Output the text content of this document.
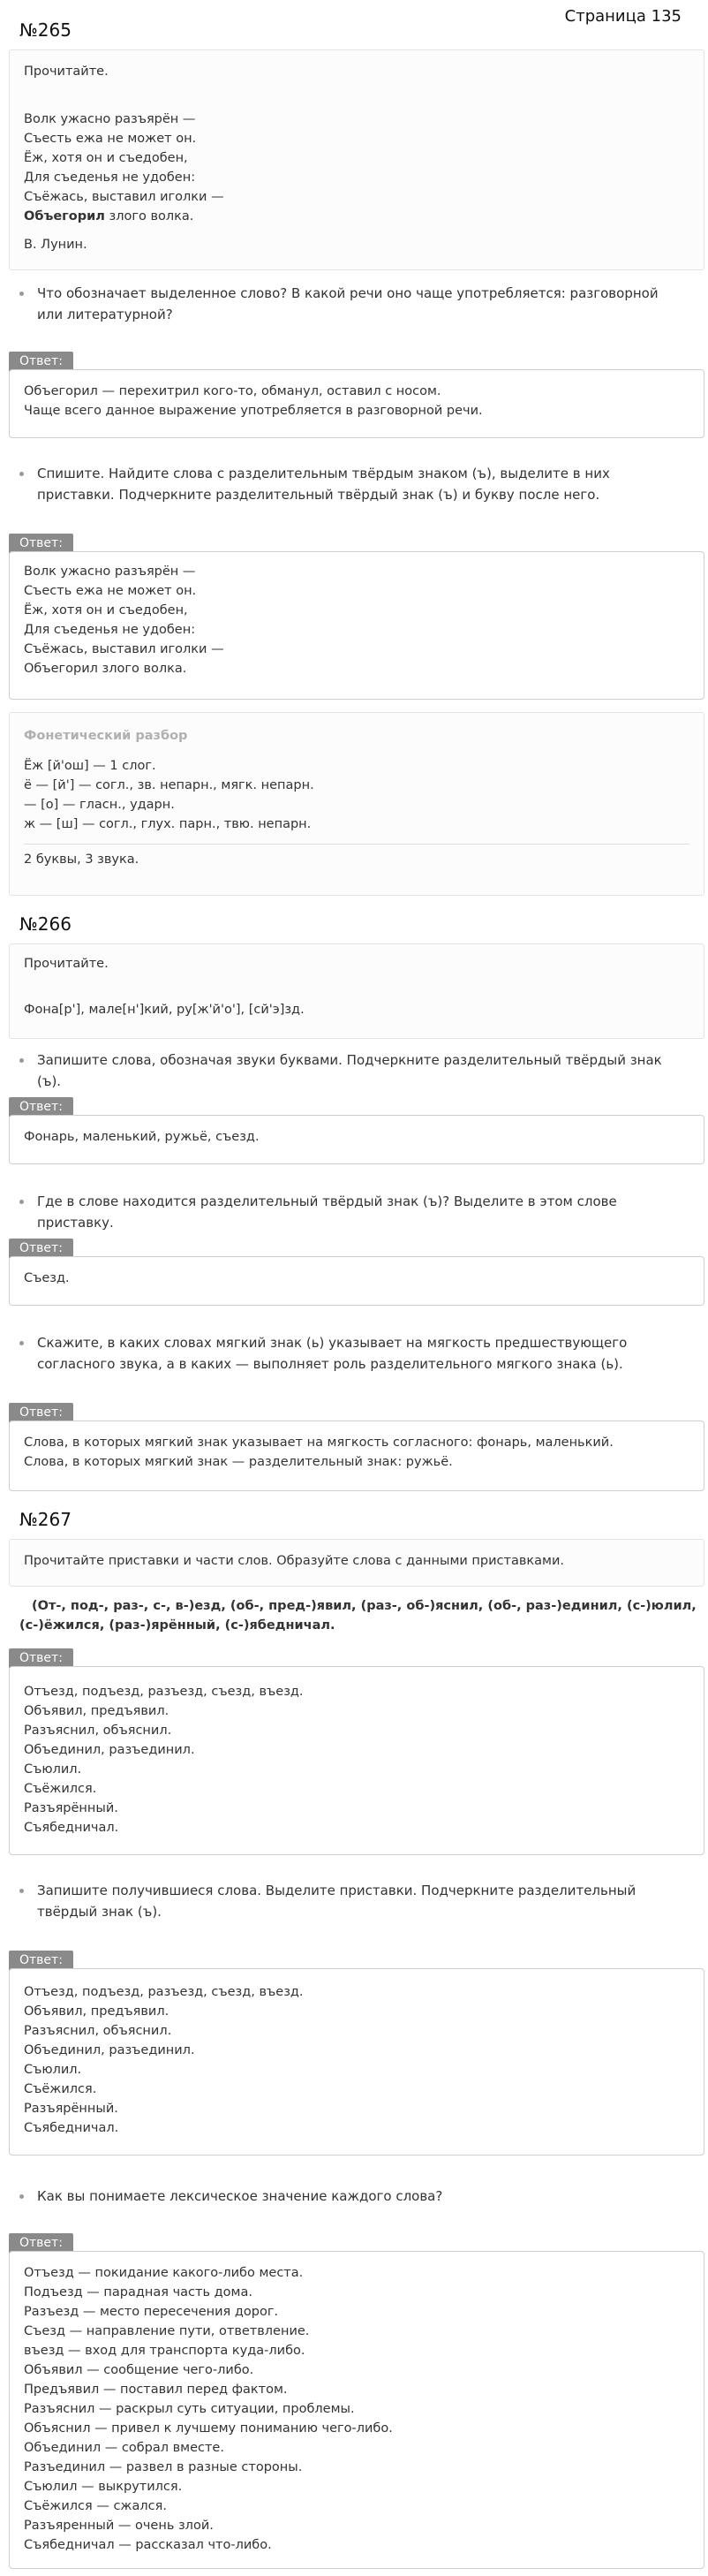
Страница 135
№265
Прочитайте.
Волк ужасно разъярён —
Съесть ежа не может он.
Ёж, хотя он и съедобен,
Для съеденья не удобен:
Съёжась, выставил иголки —
Объегорил злого волка.
В. Лунин.
Что обозначает выделенное слово? В какой речи оно чаще употребляется: разговорной или литературной?
Ответ:
Объегорил — перехитрил кого-то, обманул, оставил с носом.
Чаще всего данное выражение употребляется в разговорной речи.
Спишите. Найдите слова с разделительным твёрдым знаком (ъ), выделите в них приставки. Подчеркните разделительный твёрдый знак (ъ) и букву после него.
Ответ:
Волк ужасно разъярён —
Съесть ежа не может он.
Ёж, хотя он и съедобен,
Для съеденья не удобен:
Съёжась, выставил иголки —
Объегорил злого волка.
Фонетический разбор
Ёж [й'ош] — 1 слог.
ё — [й'] — согл., зв. непарн., мягк. непарн.
— [о] — гласн., ударн.
ж — [ш] — согл., глух. парн., твю. непарн.
2 буквы, 3 звука.
№266
Прочитайте.
Фона[р'], мале[н']кий, ру[ж'й'о'], [сй'э]зд.
Запишите слова, обозначая звуки буквами. Подчеркните разделительный твёрдый знак (ъ).
Ответ:
Фонарь, маленький, ружьё, съезд.
Где в слове находится разделительный твёрдый знак (ъ)? Выделите в этом слове приставку.
Ответ:
Съезд.
Скажите, в каких словах мягкий знак (ь) указывает на мягкость предшествующего согласного звука, а в каких — выполняет роль разделительного мягкого знака (ь).
Ответ:
Слова, в которых мягкий знак указывает на мягкость согласного: фонарь, маленький.
Слова, в которых мягкий знак — разделительный знак: ружьё.
№267
Прочитайте приставки и части слов. Образуйте слова с данными приставками.
(От-, под-, раз-, с-, в-)езд, (об-, пред-)явил, (раз-, об-)яснил, (об-, раз-)единил, (с-)юлил,
(с-)ёжился, (раз-)ярённый, (с-)ябедничал.
Ответ:
Отъезд, подъезд, разъезд, съезд, въезд.
Объявил, предъявил.
Разъяснил, объяснил.
Объединил, разъединил.
Съюлил.
Съёжился.
Разъярённый.
Съябедничал.
Запишите получившиеся слова. Выделите приставки. Подчеркните разделительный твёрдый знак (ъ).
Ответ:
Отъезд, подъезд, разъезд, съезд, въезд.
Объявил, предъявил.
Разъяснил, объяснил.
Объединил, разъединил.
Съюлил.
Съёжился.
Разъярённый.
Съябедничал.
Как вы понимаете лексическое значение каждого слова?
Ответ:
Отъезд — покидание какого-либо места.
Подъезд — парадная часть дома.
Разъезд — место пересечения дорог.
Съезд — направление пути, ответвление.
въезд — вход для транспорта куда-либо.
Объявил — сообщение чего-либо.
Предъявил — поставил перед фактом.
Разъяснил — раскрыл суть ситуации, проблемы.
Объяснил — привел к лучшему пониманию чего-либо.
Объединил — собрал вместе.
Разъединил — развел в разные стороны.
Съюлил — выкрутился.
Съёжился — сжался.
Разъяренный — очень злой.
Съябедничал — рассказал что-либо.
